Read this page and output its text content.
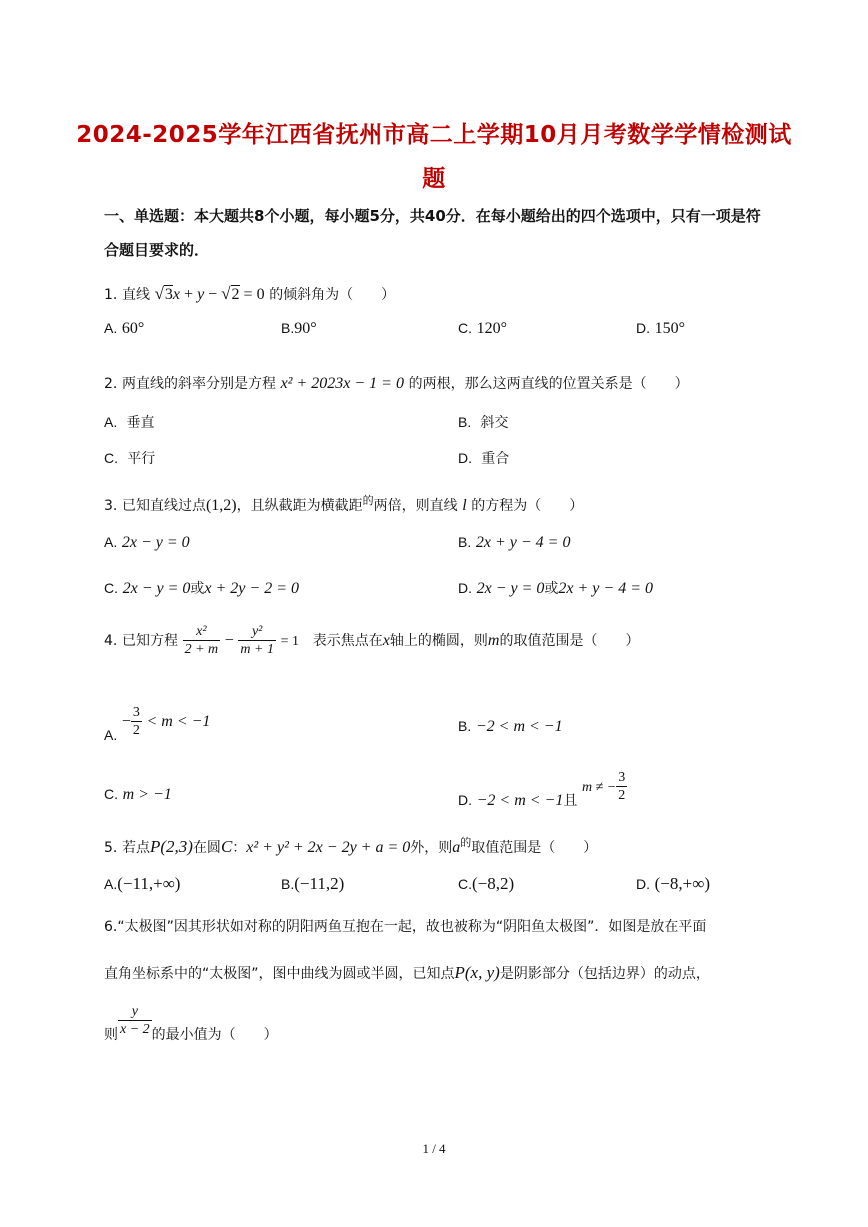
2024-2025学年江西省抚州市高二上学期10月月考数学学情检测试
题
一、单选题：本大题共8个小题，每小题5分，共40分．在每小题给出的四个选项中，只有一项是符合题目要求的．
1. 直线 √3x + y − √2 = 0 的倾斜角为（　　）
A. 60°	B.90°	C. 120°	D. 150°
2. 两直线的斜率分别是方程 x² + 2023x − 1 = 0 的两根，那么这两直线的位置关系是（　　）
A. 垂直	B. 斜交
C. 平行	D. 重合
3. 已知直线过点(1,2)，且纵截距为横截距$^的$两倍，则直线 l 的方程为（　　）
A. 2x − y = 0	B. 2x + y − 4 = 0
C. 2x − y = 0或x + 2y − 2 = 0	D. 2x − y = 0或2x + y − 4 = 0
4. 已知方程 $\frac{\text{x²}}{2 + m} - \frac{\text{y²}}{m + 1} = 1$ 表示焦点在x轴上的椭圆，则m的取值范围是（　　）
A. − $\frac{3}{2} < m < -1$	B. −2 < m < −1
C. m > −1	D. −2 < m < −1且 m ≠ − $\frac{3}{2}$
5. 若点P(2,3)在圆C：x² + y² + 2x − 2y + a = 0外，则$a^的$取值范围是（　　）
A.(−11,+∞)	B.(−11,2)	C.(−8,2)	D. (−8,+∞)
6.“太极图”因其形状如对称的阴阳两鱼互抱在一起，故也被称为“阴阳鱼太极图”．如图是放在平面
直角坐标系中的“太极图”，图中曲线为圆或半圆，已知点P(x, y)是阴影部分（包括边界）的动点，
则 $\frac{y}{x - 2}$ 的最小值为（　　）
1 / 4
